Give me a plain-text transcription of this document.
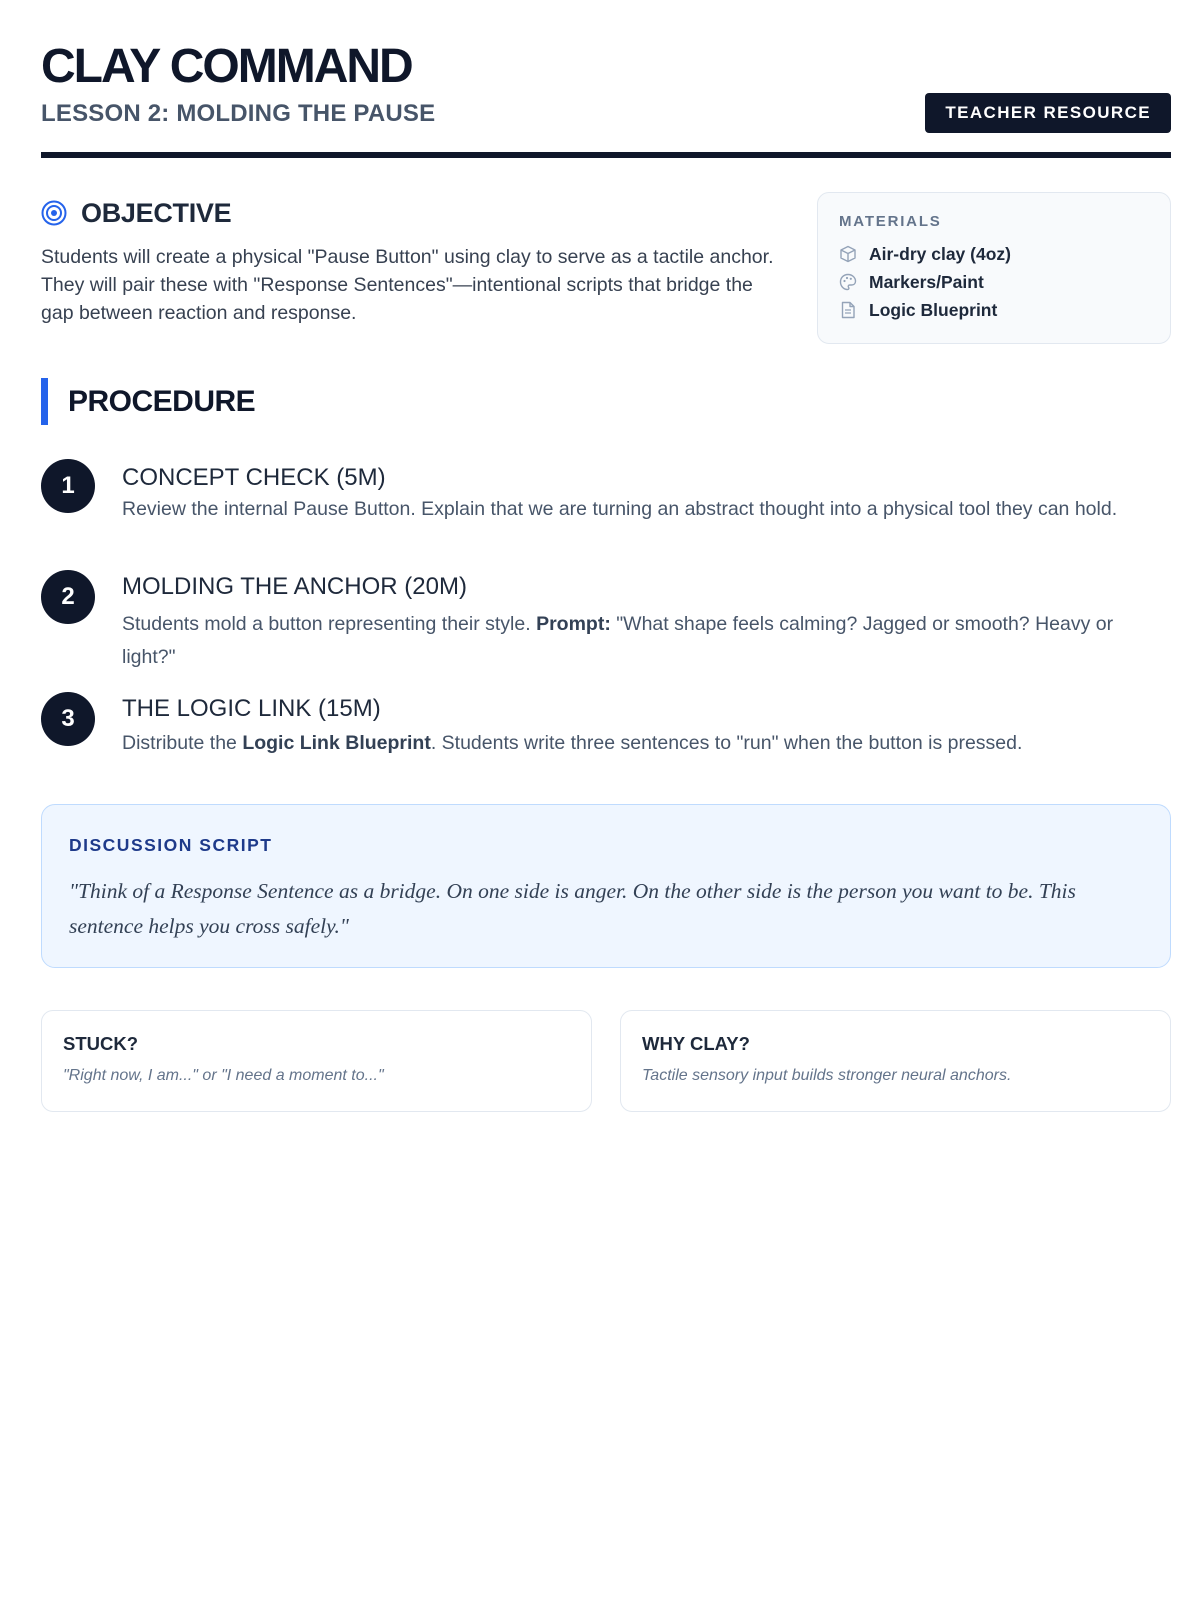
CLAY COMMAND
LESSON 2: MOLDING THE PAUSE	TEACHER RESOURCE
OBJECTIVE

Students will create a physical "Pause Button" using clay to serve as a tactile anchor. They will pair these with "Response Sentences"—intentional scripts that bridge the gap between reaction and response.

MATERIALS
Air-dry clay (4oz)
Markers/Paint
Logic Blueprint
PROCEDURE
1	CONCEPT CHECK (5M)
Review the internal Pause Button. Explain that we are turning an abstract thought into a physical tool they can hold.
2	MOLDING THE ANCHOR (20M)
Students mold a button representing their style. Prompt: "What shape feels calming? Jagged or smooth? Heavy or light?"
3	THE LOGIC LINK (15M)
Distribute the Logic Link Blueprint. Students write three sentences to "run" when the button is pressed.
DISCUSSION SCRIPT

"Think of a Response Sentence as a bridge. On one side is anger. On the other side is the person you want to be. This sentence helps you cross safely."

STUCK?
"Right now, I am..." or "I need a moment to..."
WHY CLAY?
Tactile sensory input builds stronger neural anchors.
